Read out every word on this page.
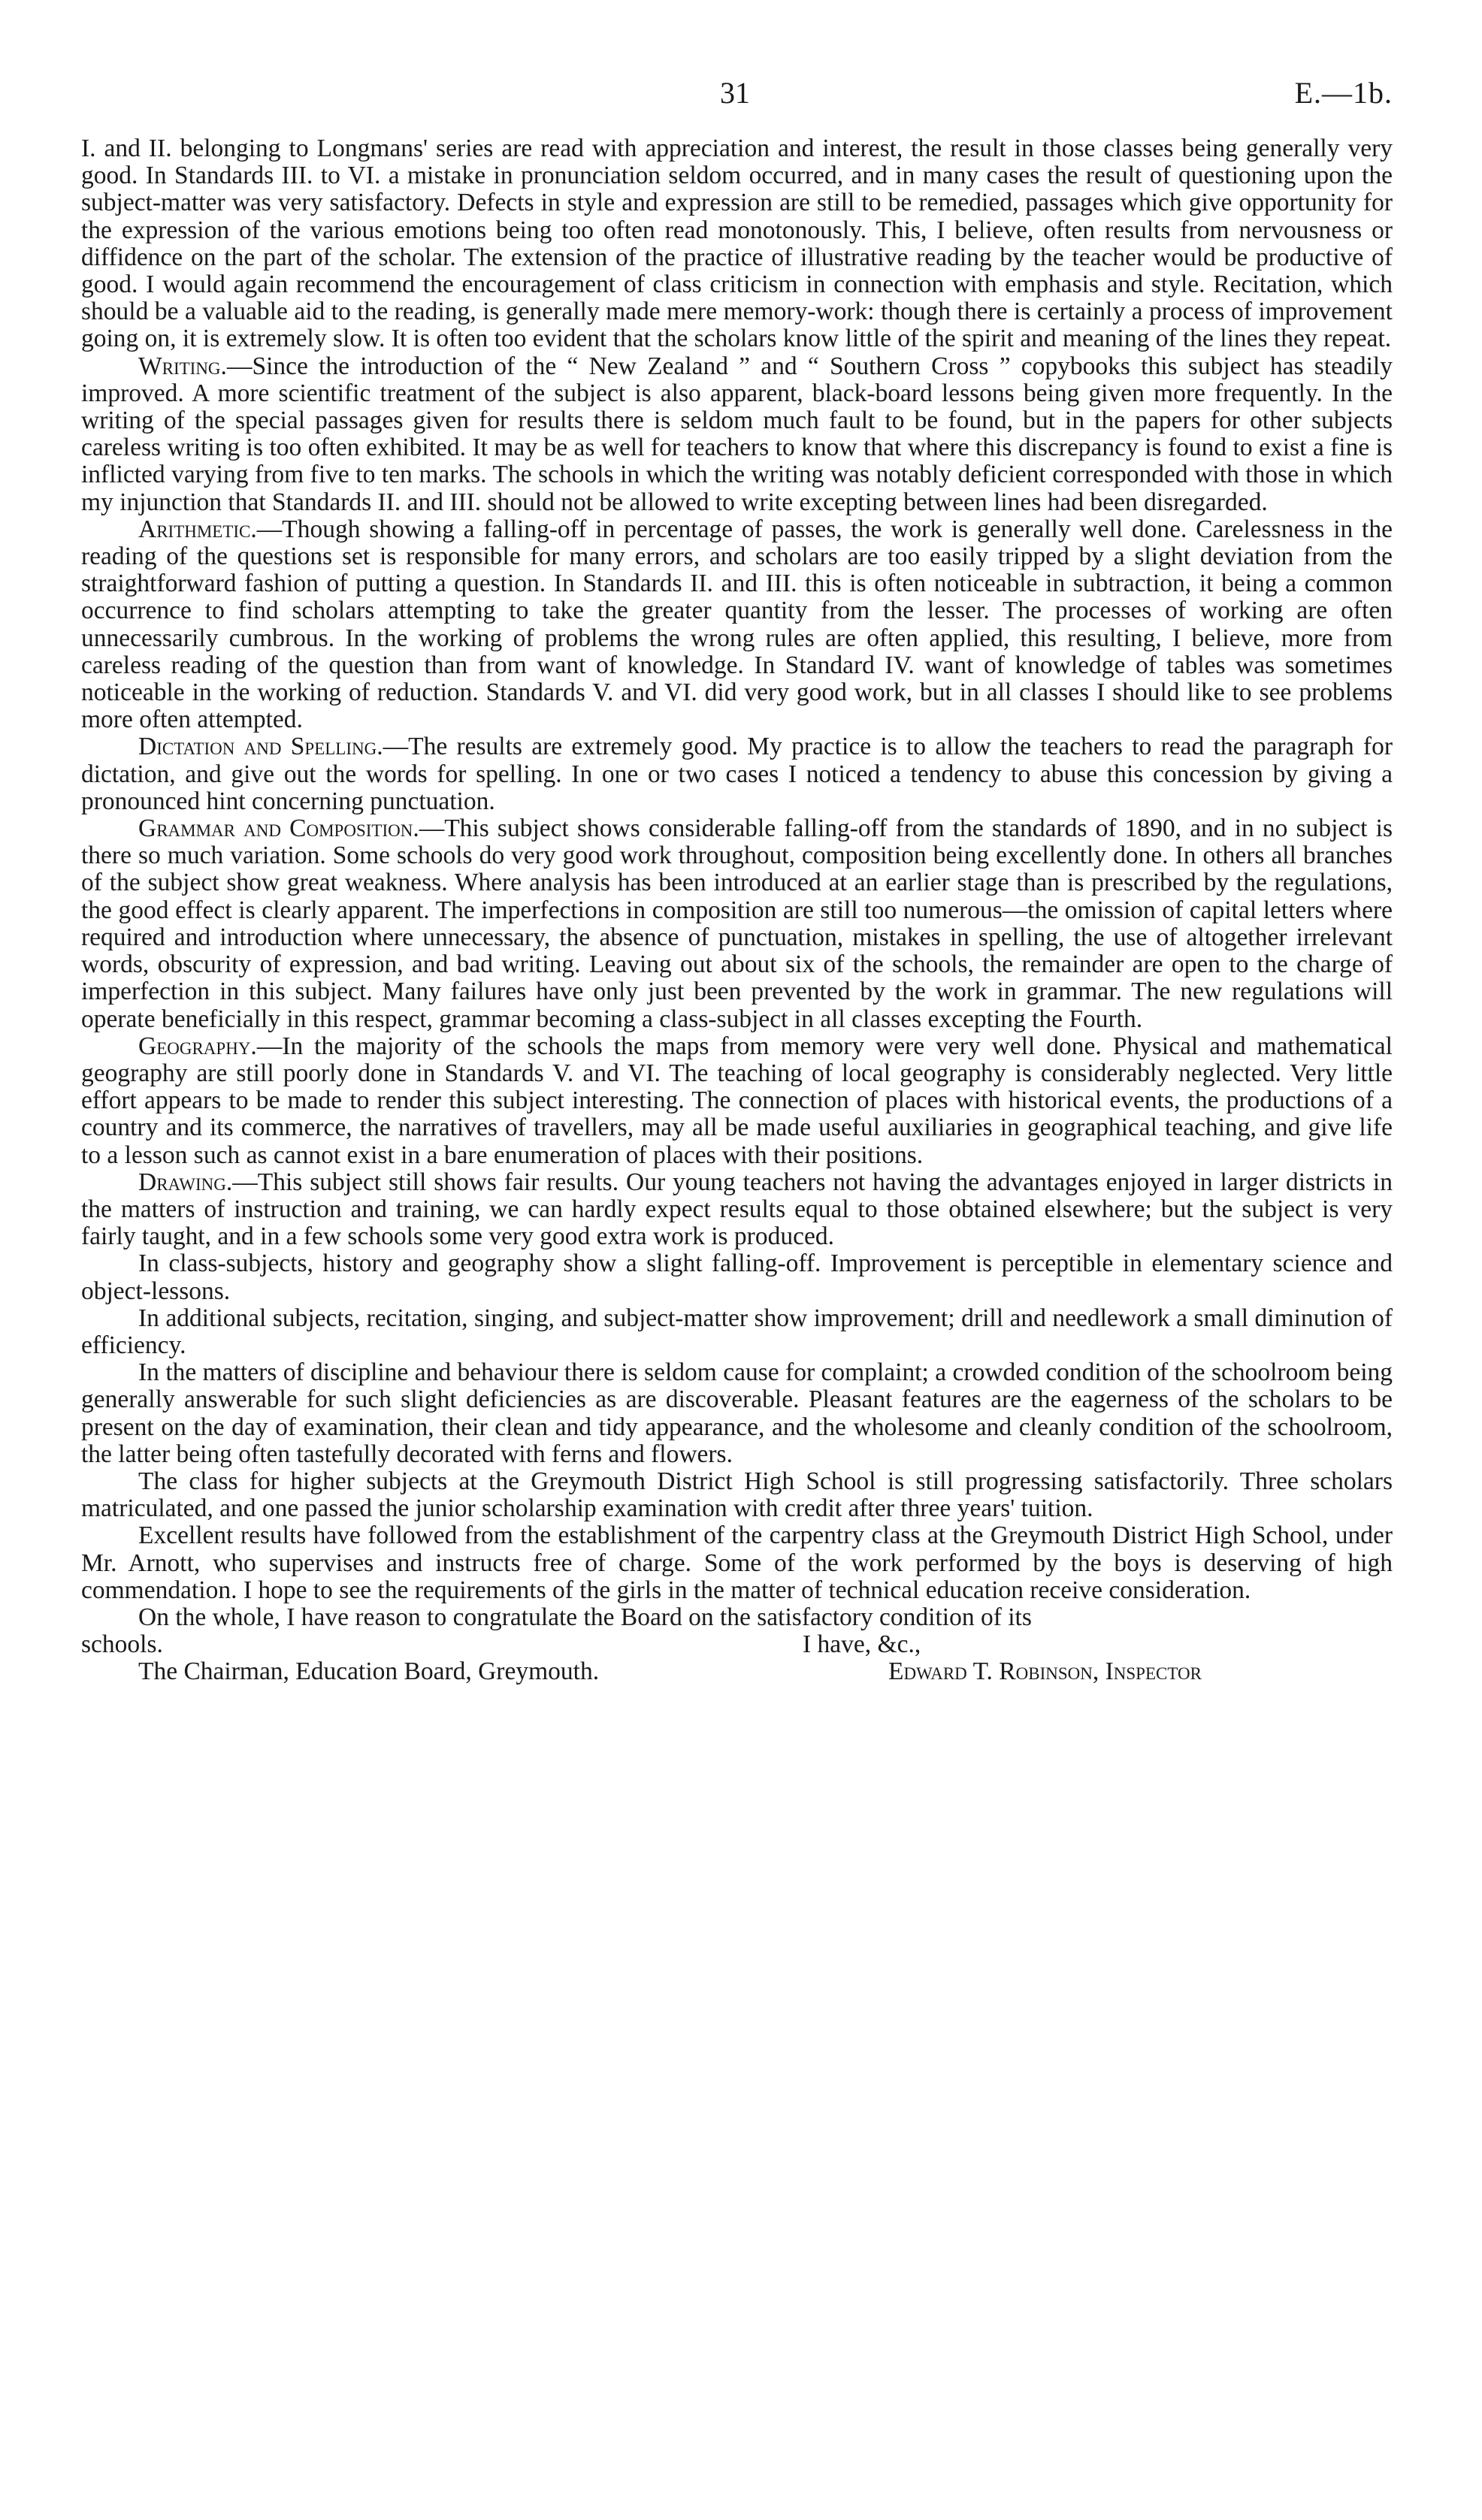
31	E.—1b.

I. and II. belonging to Longmans' series are read with appreciation and interest, the result in those classes being generally very good. In Standards III. to VI. a mistake in pronunciation seldom occurred, and in many cases the result of questioning upon the subject-matter was very satisfactory. Defects in style and expression are still to be remedied, passages which give opportunity for the expression of the various emotions being too often read monotonously. This, I believe, often results from nervousness or diffidence on the part of the scholar. The extension of the practice of illustrative reading by the teacher would be productive of good. I would again recommend the encouragement of class criticism in connection with emphasis and style. Recitation, which should be a valuable aid to the reading, is generally made mere memory-work: though there is certainly a process of improvement going on, it is extremely slow. It is often too evident that the scholars know little of the spirit and meaning of the lines they repeat.

Writing.—Since the introduction of the “ New Zealand ” and “ Southern Cross ” copybooks this subject has steadily improved. A more scientific treatment of the subject is also apparent, black-board lessons being given more frequently. In the writing of the special passages given for results there is seldom much fault to be found, but in the papers for other subjects careless writing is too often exhibited. It may be as well for teachers to know that where this discrepancy is found to exist a fine is inflicted varying from five to ten marks. The schools in which the writing was notably deficient corresponded with those in which my injunction that Standards II. and III. should not be allowed to write excepting between lines had been disregarded.

Arithmetic.—Though showing a falling-off in percentage of passes, the work is generally well done. Carelessness in the reading of the questions set is responsible for many errors, and scholars are too easily tripped by a slight deviation from the straightforward fashion of putting a question. In Standards II. and III. this is often noticeable in subtraction, it being a common occurrence to find scholars attempting to take the greater quantity from the lesser. The processes of working are often unnecessarily cumbrous. In the working of problems the wrong rules are often applied, this resulting, I believe, more from careless reading of the question than from want of knowledge. In Standard IV. want of knowledge of tables was sometimes noticeable in the working of reduction. Standards V. and VI. did very good work, but in all classes I should like to see problems more often attempted.

Dictation and Spelling.—The results are extremely good. My practice is to allow the teachers to read the paragraph for dictation, and give out the words for spelling. In one or two cases I noticed a tendency to abuse this concession by giving a pronounced hint concerning punctuation.

Grammar and Composition.—This subject shows considerable falling-off from the standards of 1890, and in no subject is there so much variation. Some schools do very good work throughout, composition being excellently done. In others all branches of the subject show great weakness. Where analysis has been introduced at an earlier stage than is prescribed by the regulations, the good effect is clearly apparent. The imperfections in composition are still too numerous—the omission of capital letters where required and introduction where unnecessary, the absence of punctuation, mistakes in spelling, the use of altogether irrelevant words, obscurity of expression, and bad writing. Leaving out about six of the schools, the remainder are open to the charge of imperfection in this subject. Many failures have only just been prevented by the work in grammar. The new regulations will operate beneficially in this respect, grammar becoming a class-subject in all classes excepting the Fourth.

Geography.—In the majority of the schools the maps from memory were very well done. Physical and mathematical geography are still poorly done in Standards V. and VI. The teaching of local geography is considerably neglected. Very little effort appears to be made to render this subject interesting. The connection of places with historical events, the productions of a country and its commerce, the narratives of travellers, may all be made useful auxiliaries in geographical teaching, and give life to a lesson such as cannot exist in a bare enumeration of places with their positions.

Drawing.—This subject still shows fair results. Our young teachers not having the advantages enjoyed in larger districts in the matters of instruction and training, we can hardly expect results equal to those obtained elsewhere; but the subject is very fairly taught, and in a few schools some very good extra work is produced.

In class-subjects, history and geography show a slight falling-off. Improvement is perceptible in elementary science and object-lessons.

In additional subjects, recitation, singing, and subject-matter show improvement; drill and needlework a small diminution of efficiency.

In the matters of discipline and behaviour there is seldom cause for complaint; a crowded condition of the schoolroom being generally answerable for such slight deficiencies as are discoverable. Pleasant features are the eagerness of the scholars to be present on the day of examination, their clean and tidy appearance, and the wholesome and cleanly condition of the schoolroom, the latter being often tastefully decorated with ferns and flowers.

The class for higher subjects at the Greymouth District High School is still progressing satisfactorily. Three scholars matriculated, and one passed the junior scholarship examination with credit after three years' tuition.

Excellent results have followed from the establishment of the carpentry class at the Greymouth District High School, under Mr. Arnott, who supervises and instructs free of charge. Some of the work performed by the boys is deserving of high commendation. I hope to see the requirements of the girls in the matter of technical education receive consideration.

On the whole, I have reason to congratulate the Board on the satisfactory condition of its

schools.	I have, &c.,
The Chairman, Education Board, Greymouth.	Edward T. Robinson, Inspector
